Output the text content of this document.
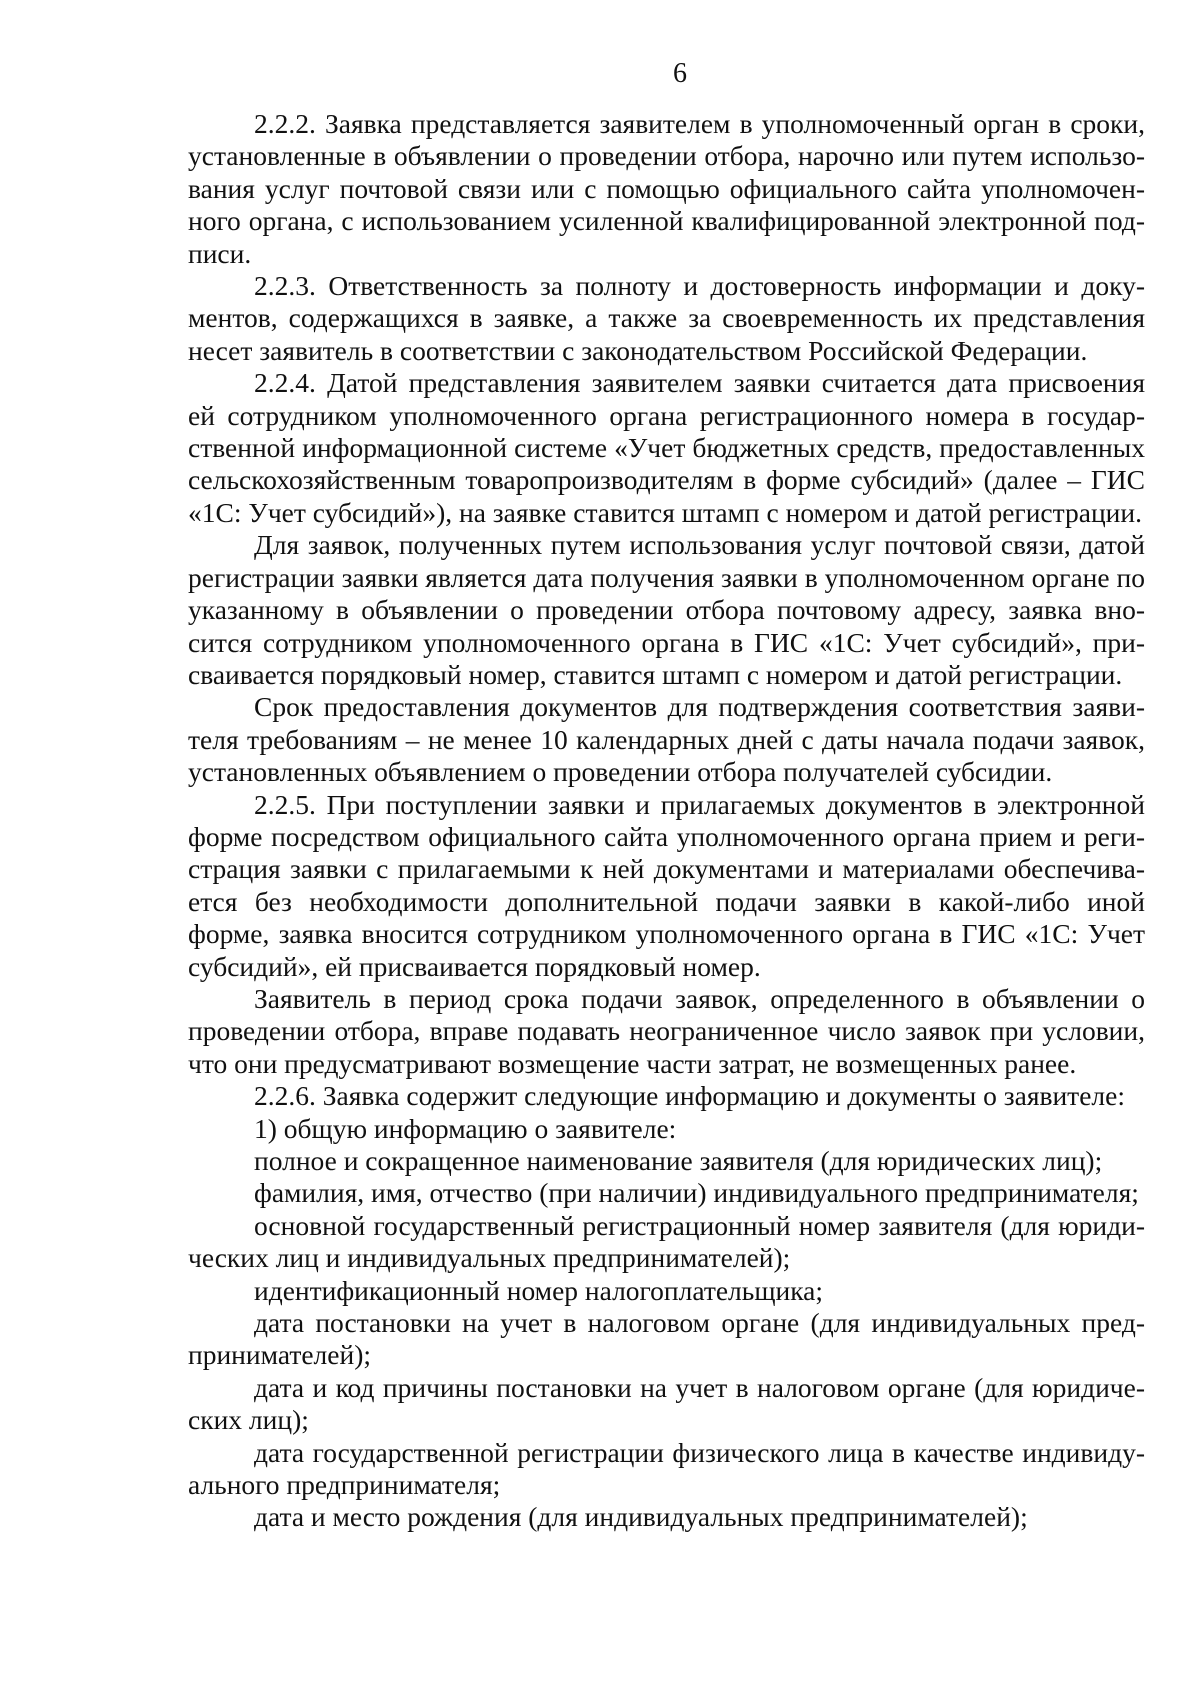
6

2.2.2. Заявка представляется заявителем в уполномоченный орган в сроки, установленные в объявлении о проведении отбора, нарочно или путем использования услуг почтовой связи или с помощью официального сайта уполномоченного органа, с использованием усиленной квалифицированной электронной подписи.

2.2.3. Ответственность за полноту и достоверность информации и документов, содержащихся в заявке, а также за своевременность их представления несет заявитель в соответствии с законодательством Российской Федерации.

2.2.4. Датой представления заявителем заявки считается дата присвоения ей сотрудником уполномоченного органа регистрационного номера в государственной информационной системе «Учет бюджетных средств, предоставленных сельскохозяйственным товаропроизводителям в форме субсидий» (далее – ГИС «1С: Учет субсидий»), на заявке ставится штамп с номером и датой регистрации.

Для заявок, полученных путем использования услуг почтовой связи, датой регистрации заявки является дата получения заявки в уполномоченном органе по указанному в объявлении о проведении отбора почтовому адресу, заявка вносится сотрудником уполномоченного органа в ГИС «1С: Учет субсидий», присваивается порядковый номер, ставится штамп с номером и датой регистрации.

Срок предоставления документов для подтверждения соответствия заявителя требованиям – не менее 10 календарных дней с даты начала подачи заявок, установленных объявлением о проведении отбора получателей субсидии.

2.2.5. При поступлении заявки и прилагаемых документов в электронной форме посредством официального сайта уполномоченного органа прием и регистрация заявки с прилагаемыми к ней документами и материалами обеспечивается без необходимости дополнительной подачи заявки в какой-либо иной форме, заявка вносится сотрудником уполномоченного органа в ГИС «1С: Учет субсидий», ей присваивается порядковый номер.

Заявитель в период срока подачи заявок, определенного в объявлении о проведении отбора, вправе подавать неограниченное число заявок при условии, что они предусматривают возмещение части затрат, не возмещенных ранее.

2.2.6. Заявка содержит следующие информацию и документы о заявителе:

1) общую информацию о заявителе:

полное и сокращенное наименование заявителя (для юридических лиц);

фамилия, имя, отчество (при наличии) индивидуального предпринимателя;

основной государственный регистрационный номер заявителя (для юридических лиц и индивидуальных предпринимателей);

идентификационный номер налогоплательщика;

дата постановки на учет в налоговом органе (для индивидуальных предпринимателей);

дата и код причины постановки на учет в налоговом органе (для юридических лиц);

дата государственной регистрации физического лица в качестве индивидуального предпринимателя;

дата и место рождения (для индивидуальных предпринимателей);
